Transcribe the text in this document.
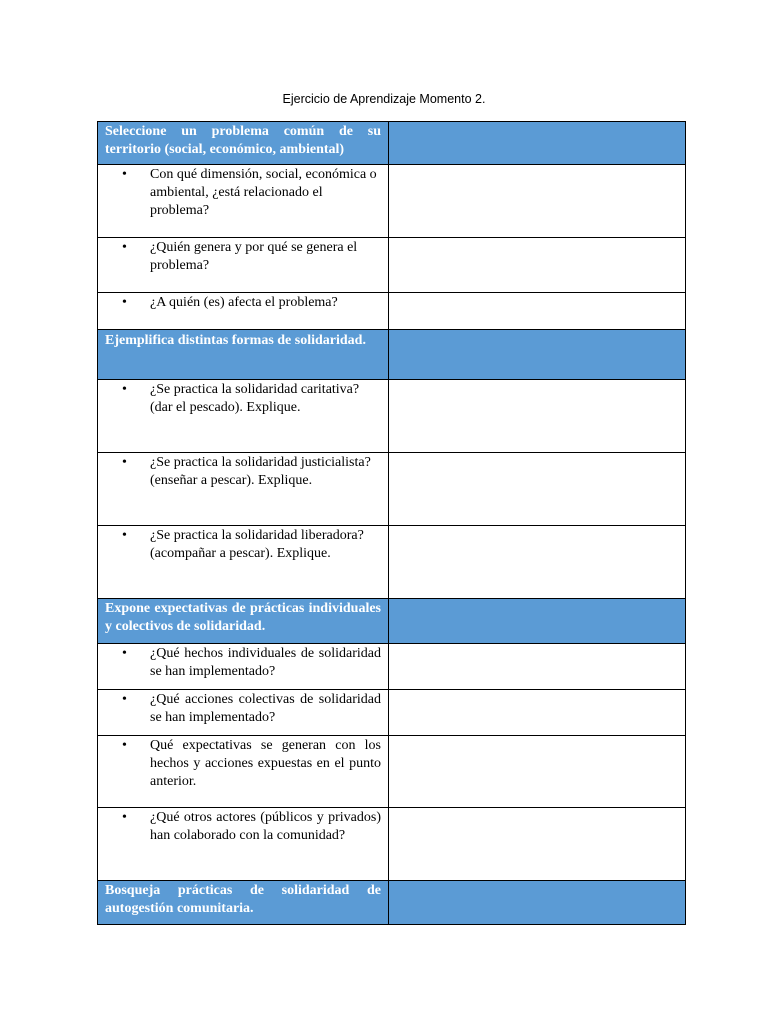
Ejercicio de Aprendizaje Momento 2.
Seleccione un problema común de su territorio (social, económico, ambiental)	

• Con qué dimensión, social, económica o ambiental, ¿está relacionado el problema?	

• ¿Quién genera y por qué se genera el problema?	

• ¿A quién (es) afecta el problema?	

Ejemplifica distintas formas de solidaridad.	

• ¿Se practica la solidaridad caritativa? (dar el pescado). Explique.	

• ¿Se practica la solidaridad justicialista? (enseñar a pescar). Explique.	

• ¿Se practica la solidaridad liberadora? (acompañar a pescar). Explique.	

Expone expectativas de prácticas individuales y colectivos de solidaridad.	

• ¿Qué hechos individuales de solidaridad se han implementado?	

• ¿Qué acciones colectivas de solidaridad se han implementado?	

• Qué expectativas se generan con los hechos y acciones expuestas en el punto anterior.	

• ¿Qué otros actores (públicos y privados) han colaborado con la comunidad?	

Bosqueja prácticas de solidaridad de autogestión comunitaria.	
